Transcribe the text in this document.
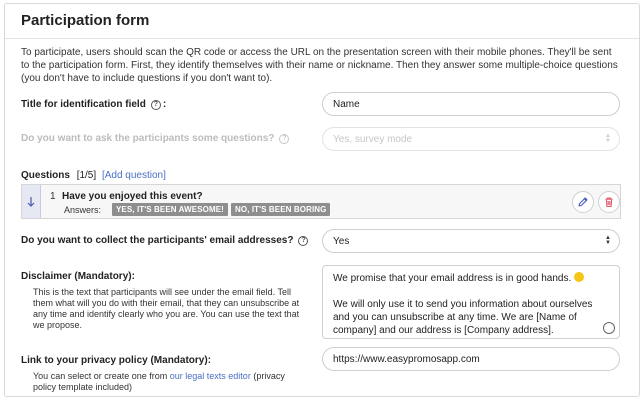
Participation form

To participate, users should scan the QR code or access the URL on the presentation screen with their mobile phones. They'll be sent to the participation form. First, they identify themselves with their name or nickname. Then they answer some multiple-choice questions (you don't have to include questions if you don't want to).

Title for identification field	? :	Name
Do you want to ask the participants some questions?	?	Yes, survey mode	▲
▼
Questions [1/5] [Add question]
1 Have you enjoyed this event?
Answers:	YES, IT'S BEEN AWESOME!	NO, IT'S BEEN BORING
Do you want to collect the participants' email addresses?	?	Yes	▲
▼
Disclaimer (Mandatory):

This is the text that participants will see under the email field. Tell them what will you do with their email, that they can unsubscribe at any time and identify clearly who you are. You can use the text that we propose.

We promise that your email address is in good hands.

We will only use it to send you information about ourselves and you can unsubscribe at any time. We are [Name of company] and our address is [Company address].

Link to your privacy policy (Mandatory):

You can select or create one from our legal texts editor (privacy policy template included)

https://www.easypromosapp.com
